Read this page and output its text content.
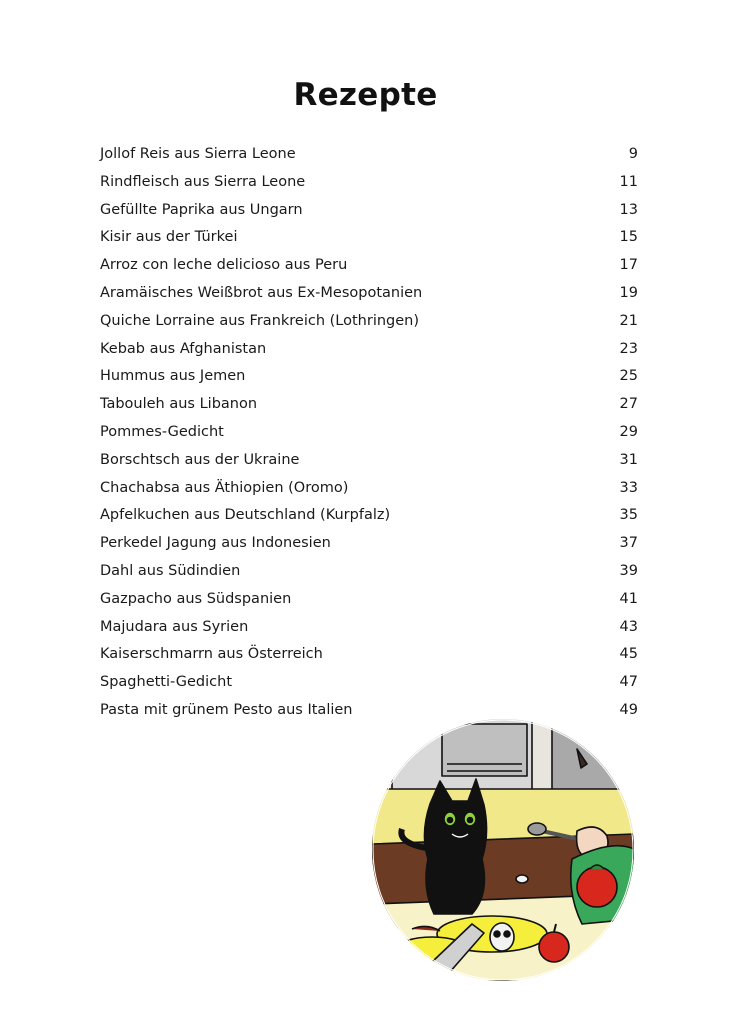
Rezepte
Jollof Reis aus Sierra Leone	9
Rindfleisch aus Sierra Leone	11
Gefüllte Paprika aus Ungarn	13
Kisir aus der Türkei	15
Arroz con leche delicioso aus Peru	17
Aramäisches Weißbrot aus Ex-Mesopotanien	19
Quiche Lorraine aus Frankreich (Lothringen)	21
Kebab aus Afghanistan	23
Hummus aus Jemen	25
Tabouleh aus Libanon	27
Pommes-Gedicht	29
Borschtsch aus der Ukraine	31
Chachabsa aus Äthiopien (Oromo)	33
Apfelkuchen aus Deutschland (Kurpfalz)	35
Perkedel Jagung aus Indonesien	37
Dahl aus Südindien	39
Gazpacho aus Südspanien	41
Majudara aus Syrien	43
Kaiserschmarrn aus Österreich	45
Spaghetti-Gedicht	47
Pasta mit grünem Pesto aus Italien	49
